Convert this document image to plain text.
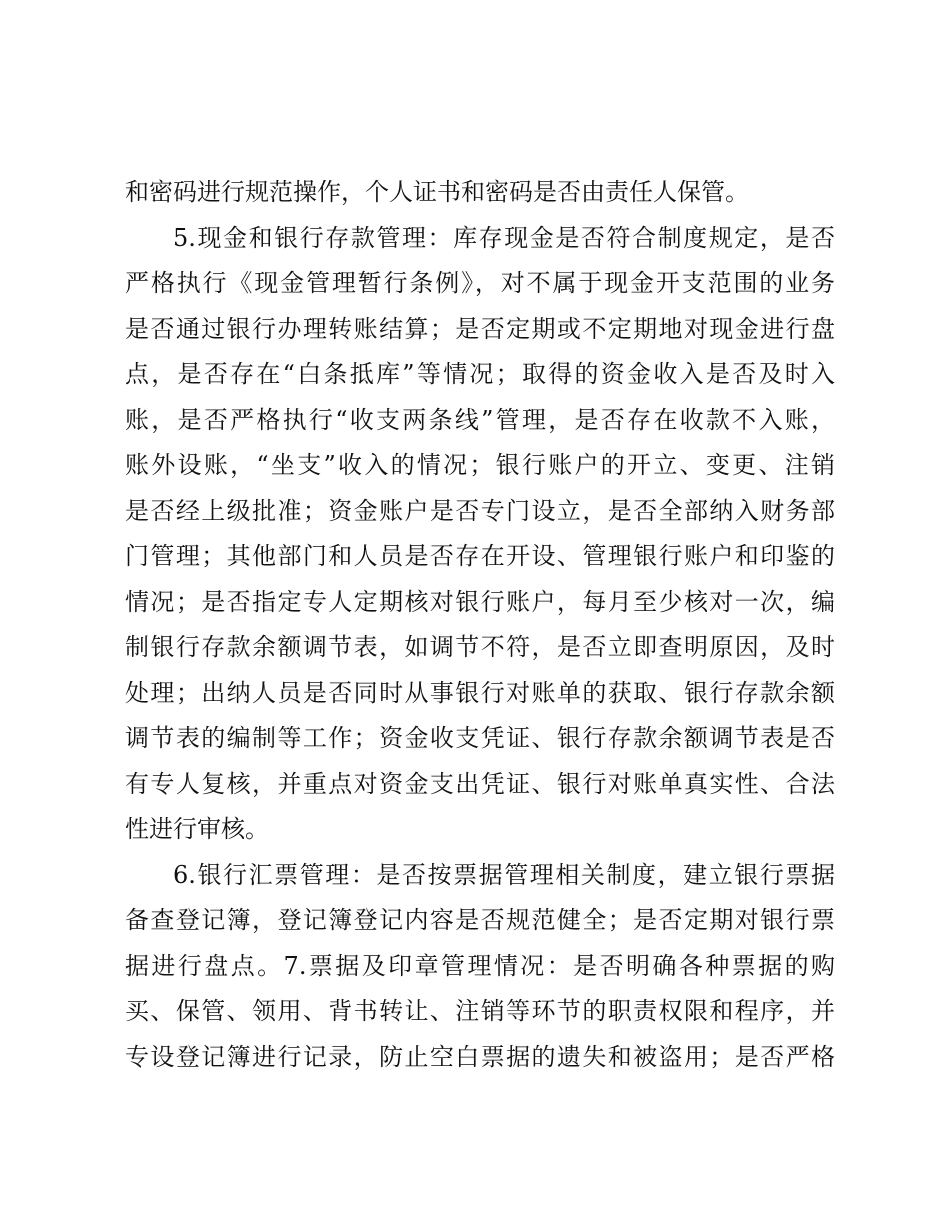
和密码进行规范操作，个人证书和密码是否由责任人保管。
5.现金和银行存款管理：库存现金是否符合制度规定，是否
严格执行《现金管理暂行条例》，对不属于现金开支范围的业务
是否通过银行办理转账结算；是否定期或不定期地对现金进行盘
点，是否存在“白条抵库”等情况；取得的资金收入是否及时入
账，是否严格执行“收支两条线”管理，是否存在收款不入账，
账外设账，“坐支”收入的情况；银行账户的开立、变更、注销
是否经上级批准；资金账户是否专门设立，是否全部纳入财务部
门管理；其他部门和人员是否存在开设、管理银行账户和印鉴的
情况；是否指定专人定期核对银行账户，每月至少核对一次，编
制银行存款余额调节表，如调节不符，是否立即查明原因，及时
处理；出纳人员是否同时从事银行对账单的获取、银行存款余额
调节表的编制等工作；资金收支凭证、银行存款余额调节表是否
有专人复核，并重点对资金支出凭证、银行对账单真实性、合法
性进行审核。
6.银行汇票管理：是否按票据管理相关制度，建立银行票据
备查登记簿，登记簿登记内容是否规范健全；是否定期对银行票
据进行盘点。7.票据及印章管理情况：是否明确各种票据的购
买、保管、领用、背书转让、注销等环节的职责权限和程序，并
专设登记簿进行记录，防止空白票据的遗失和被盗用；是否严格
